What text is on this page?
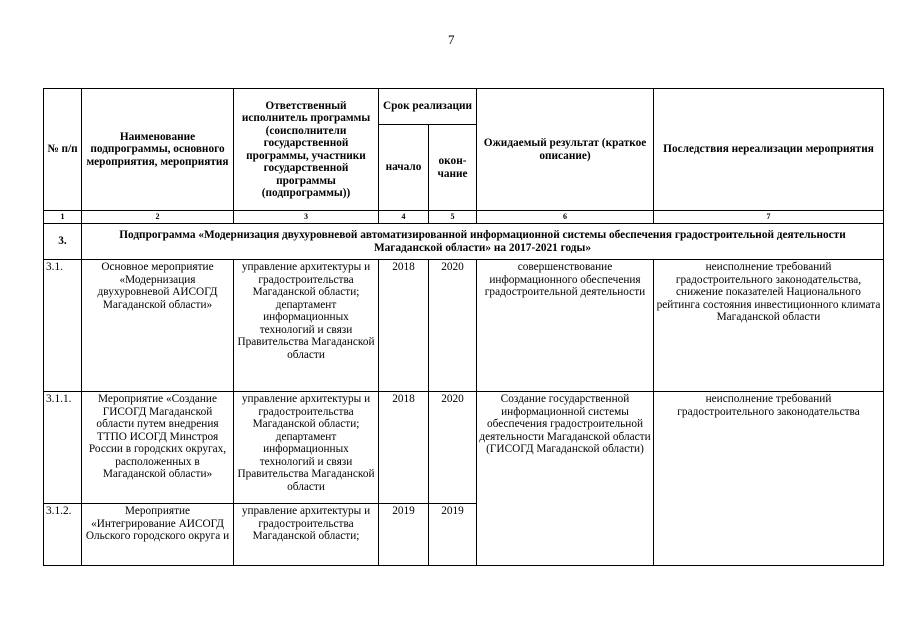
7
№ п/п	Наименование подпрограммы, основного мероприятия, мероприятия	Ответственный исполнитель программы (соисполнители государственной программы, участники государственной программы (подпрограммы))	Срок реализации		Ожидаемый результат (краткое описание)	Последствия нереализации мероприятия
			начало	окон-чание		
1	2	3	4	5	6	7
3.	Подпрограмма «Модернизация двухуровневой автоматизированной информационной системы обеспечения градостроительной деятельности Магаданской области» на 2017-2021 годы»					
3.1.	Основное мероприятие «Модернизация двухуровневой АИСОГД Магаданской области»	управление архитектуры и градостроительства Магаданской области; департамент информационных технологий и связи Правительства Магаданской области	2018	2020	совершенствование информационного обеспечения градостроительной деятельности	неисполнение требований градостроительного законодательства, снижение показателей Национального рейтинга состояния инвестиционного климата Магаданской области
3.1.1.	Мероприятие «Создание ГИСОГД Магаданской области путем внедрения ТТПО ИСОГД Минстроя России в городских округах, расположенных в Магаданской области»	управление архитектуры и градостроительства Магаданской области; департамент информационных технологий и связи Правительства Магаданской области	2018	2020	Создание государственной информационной системы обеспечения градостроительной деятельности Магаданской области (ГИСОГД Магаданской области)	неисполнение требований градостроительного законодательства
3.1.2.	Мероприятие «Интегрирование АИСОГД Ольского городского округа и	управление архитектуры и градостроительства Магаданской области;	2019	2019		
